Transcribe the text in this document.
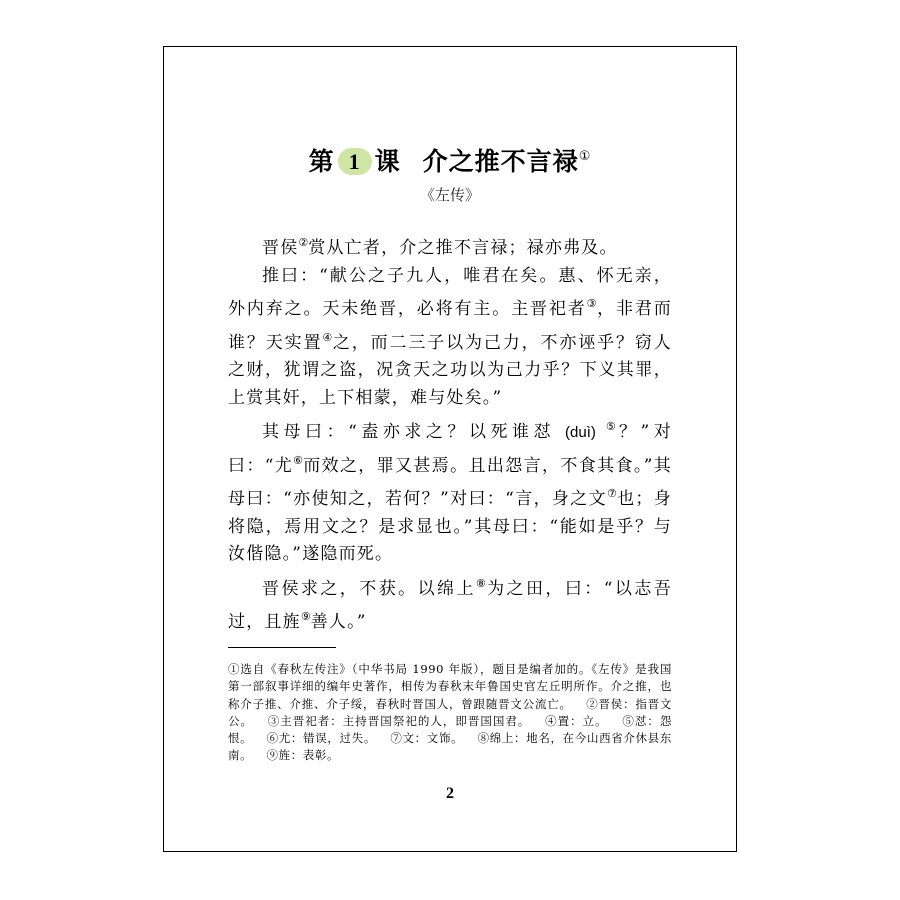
第 1 课 介之推不言禄①
《左传》

晋侯②赏从亡者，介之推不言禄；禄亦弗及。

推曰：“献公之子九人，唯君在矣。惠、怀无亲，外内弃之。天未绝晋，必将有主。主晋祀者③，非君而谁？天实置④之，而二三子以为己力，不亦诬乎？窃人之财，犹谓之盗，况贪天之功以为己力乎？下义其罪，上赏其奸，上下相蒙，难与处矣。”

其母曰：“盍亦求之？以死谁怼 (duì) ⑤？”对曰：“尤⑥而效之，罪又甚焉。且出怨言，不食其食。”其母曰：“亦使知之，若何？”对曰：“言，身之文⑦也；身将隐，焉用文之？是求显也。”其母曰：“能如是乎？与汝偕隐。”遂隐而死。

晋侯求之，不获。以绵上⑧为之田，曰：“以志吾过，且旌⑨善人。”

①选自《春秋左传注》（中华书局 1990 年版），题目是编者加的。《左传》是我国第一部叙事详细的编年史著作，相传为春秋末年鲁国史官左丘明所作。介之推，也称介子推、介推、介子绥，春秋时晋国人，曾跟随晋文公流亡。 ②晋侯：指晋文公。 ③主晋祀者：主持晋国祭祀的人，即晋国国君。 ④置：立。 ⑤怼：怨恨。 ⑥尤：错误，过失。 ⑦文：文饰。 ⑧绵上：地名，在今山西省介休县东南。 ⑨旌：表彰。
2
